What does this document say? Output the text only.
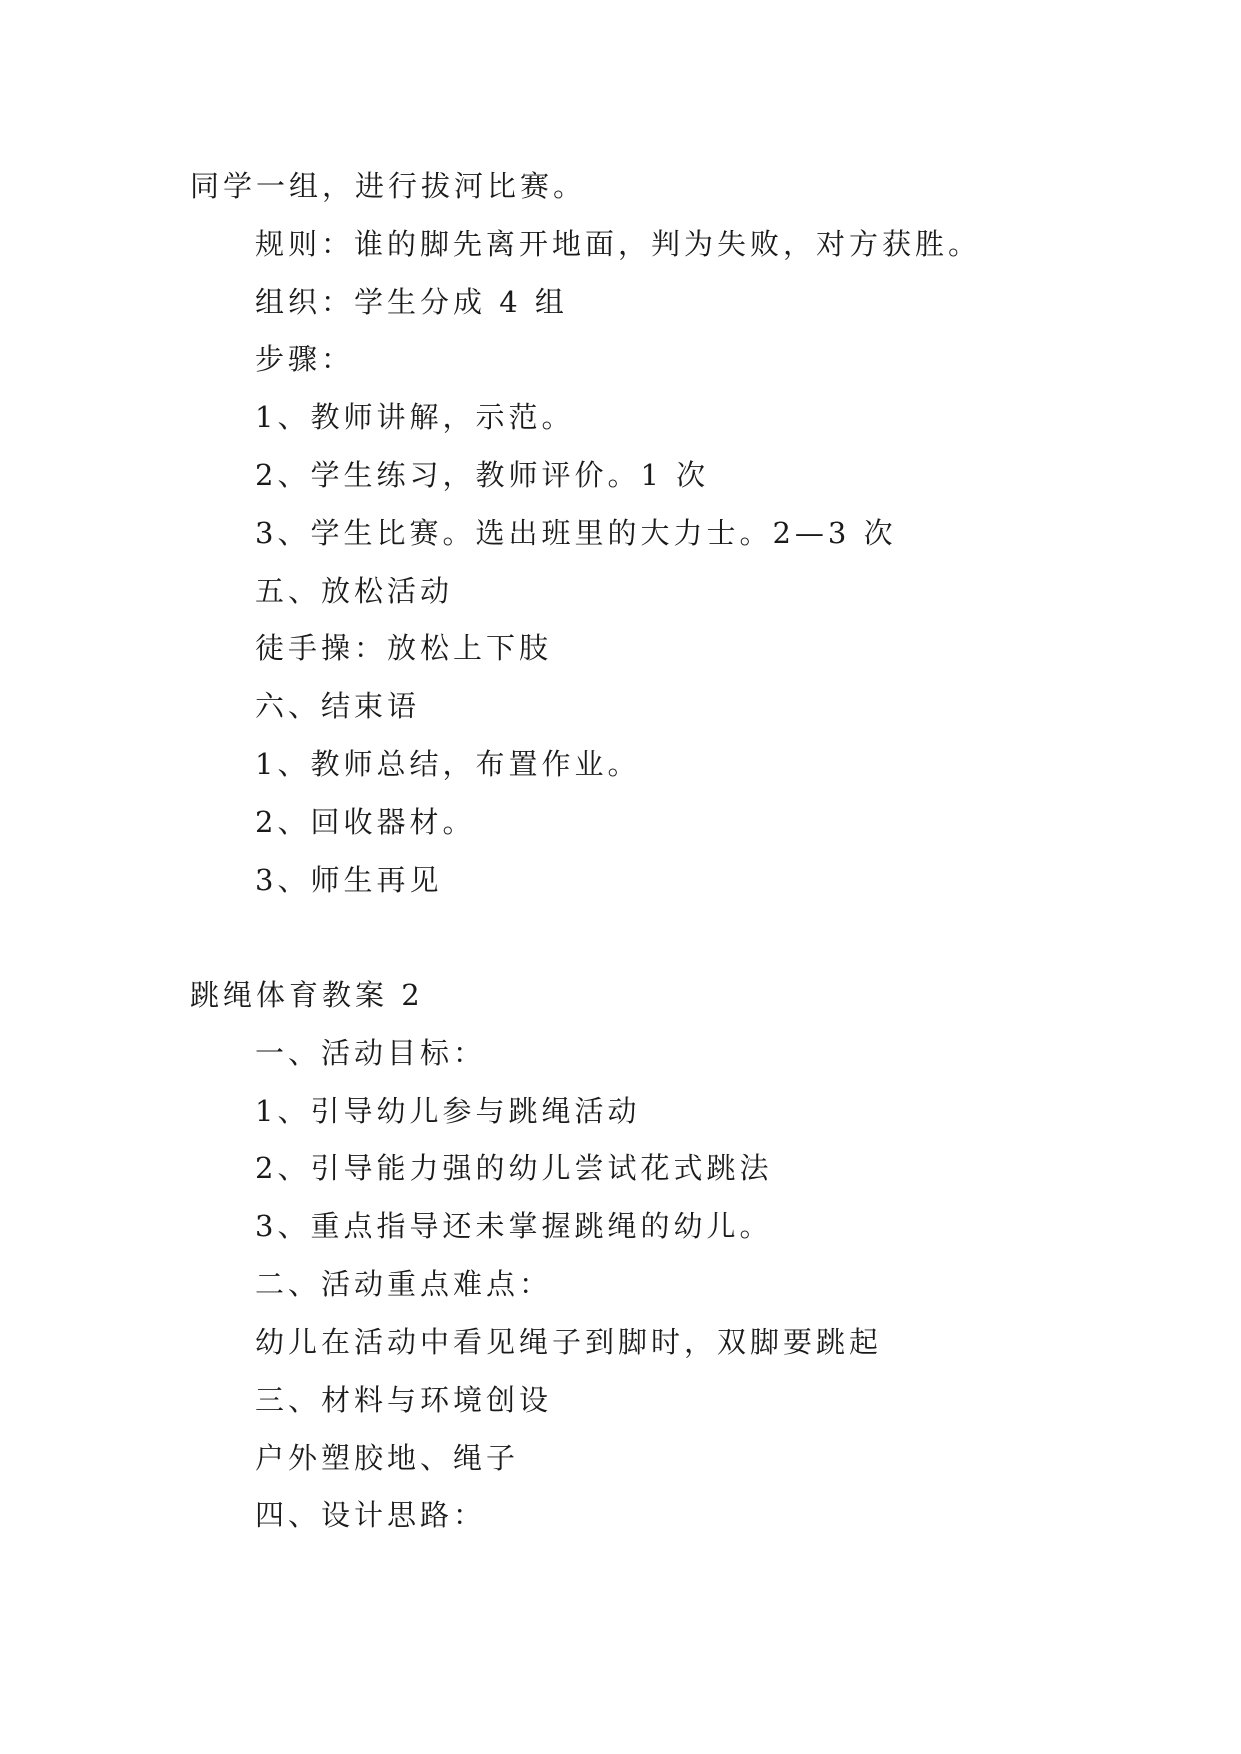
同学一组，进行拔河比赛。
规则：谁的脚先离开地面，判为失败，对方获胜。
组织：学生分成 4 组
步骤：
1、教师讲解，示范。
2、学生练习，教师评价。1 次
3、学生比赛。选出班里的大力士。2—3 次
五、放松活动
徒手操：放松上下肢
六、结束语
1、教师总结，布置作业。
2、回收器材。
3、师生再见
跳绳体育教案 2
一、活动目标：
1、引导幼儿参与跳绳活动
2、引导能力强的幼儿尝试花式跳法
3、重点指导还未掌握跳绳的幼儿。
二、活动重点难点：
幼儿在活动中看见绳子到脚时，双脚要跳起
三、材料与环境创设
户外塑胶地、绳子
四、设计思路：
